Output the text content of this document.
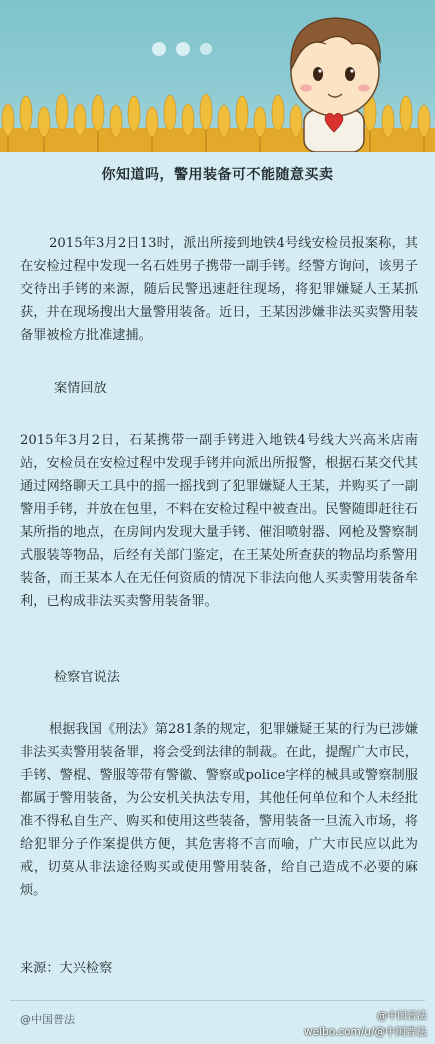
你知道吗，警用装备可不能随意买卖

2015年3月2日13时，派出所接到地铁4号线安检员报案称，其在安检过程中发现一名石姓男子携带一副手铐。经警方询问，该男子交待出手铐的来源，随后民警迅速赶往现场，将犯罪嫌疑人王某抓获，并在现场搜出大量警用装备。近日，王某因涉嫌非法买卖警用装备罪被检方批准逮捕。

案情回放

2015年3月2日，石某携带一副手铐进入地铁4号线大兴高米店南站，安检员在安检过程中发现手铐并向派出所报警，根据石某交代其通过网络聊天工具中的摇一摇找到了犯罪嫌疑人王某，并购买了一副警用手铐，并放在包里，不料在安检过程中被查出。民警随即赶往石某所指的地点，在房间内发现大量手铐、催泪喷射器、网枪及警察制式服装等物品，后经有关部门鉴定，在王某处所查获的物品均系警用装备，而王某本人在无任何资质的情况下非法向他人买卖警用装备牟利，已构成非法买卖警用装备罪。

检察官说法

根据我国《刑法》第281条的规定，犯罪嫌疑王某的行为已涉嫌非法买卖警用装备罪，将会受到法律的制裁。在此，提醒广大市民，手铐、警棍、警服等带有警徽、警察或police字样的械具或警察制服都属于警用装备，为公安机关执法专用，其他任何单位和个人未经批准不得私自生产、购买和使用这些装备，警用装备一旦流入市场，将给犯罪分子作案提供方便，其危害将不言而喻，广大市民应以此为戒，切莫从非法途径购买或使用警用装备，给自己造成不必要的麻烦。

来源：大兴检察
@中国普法	@中国普法
weibo.com/u/@中国普法
